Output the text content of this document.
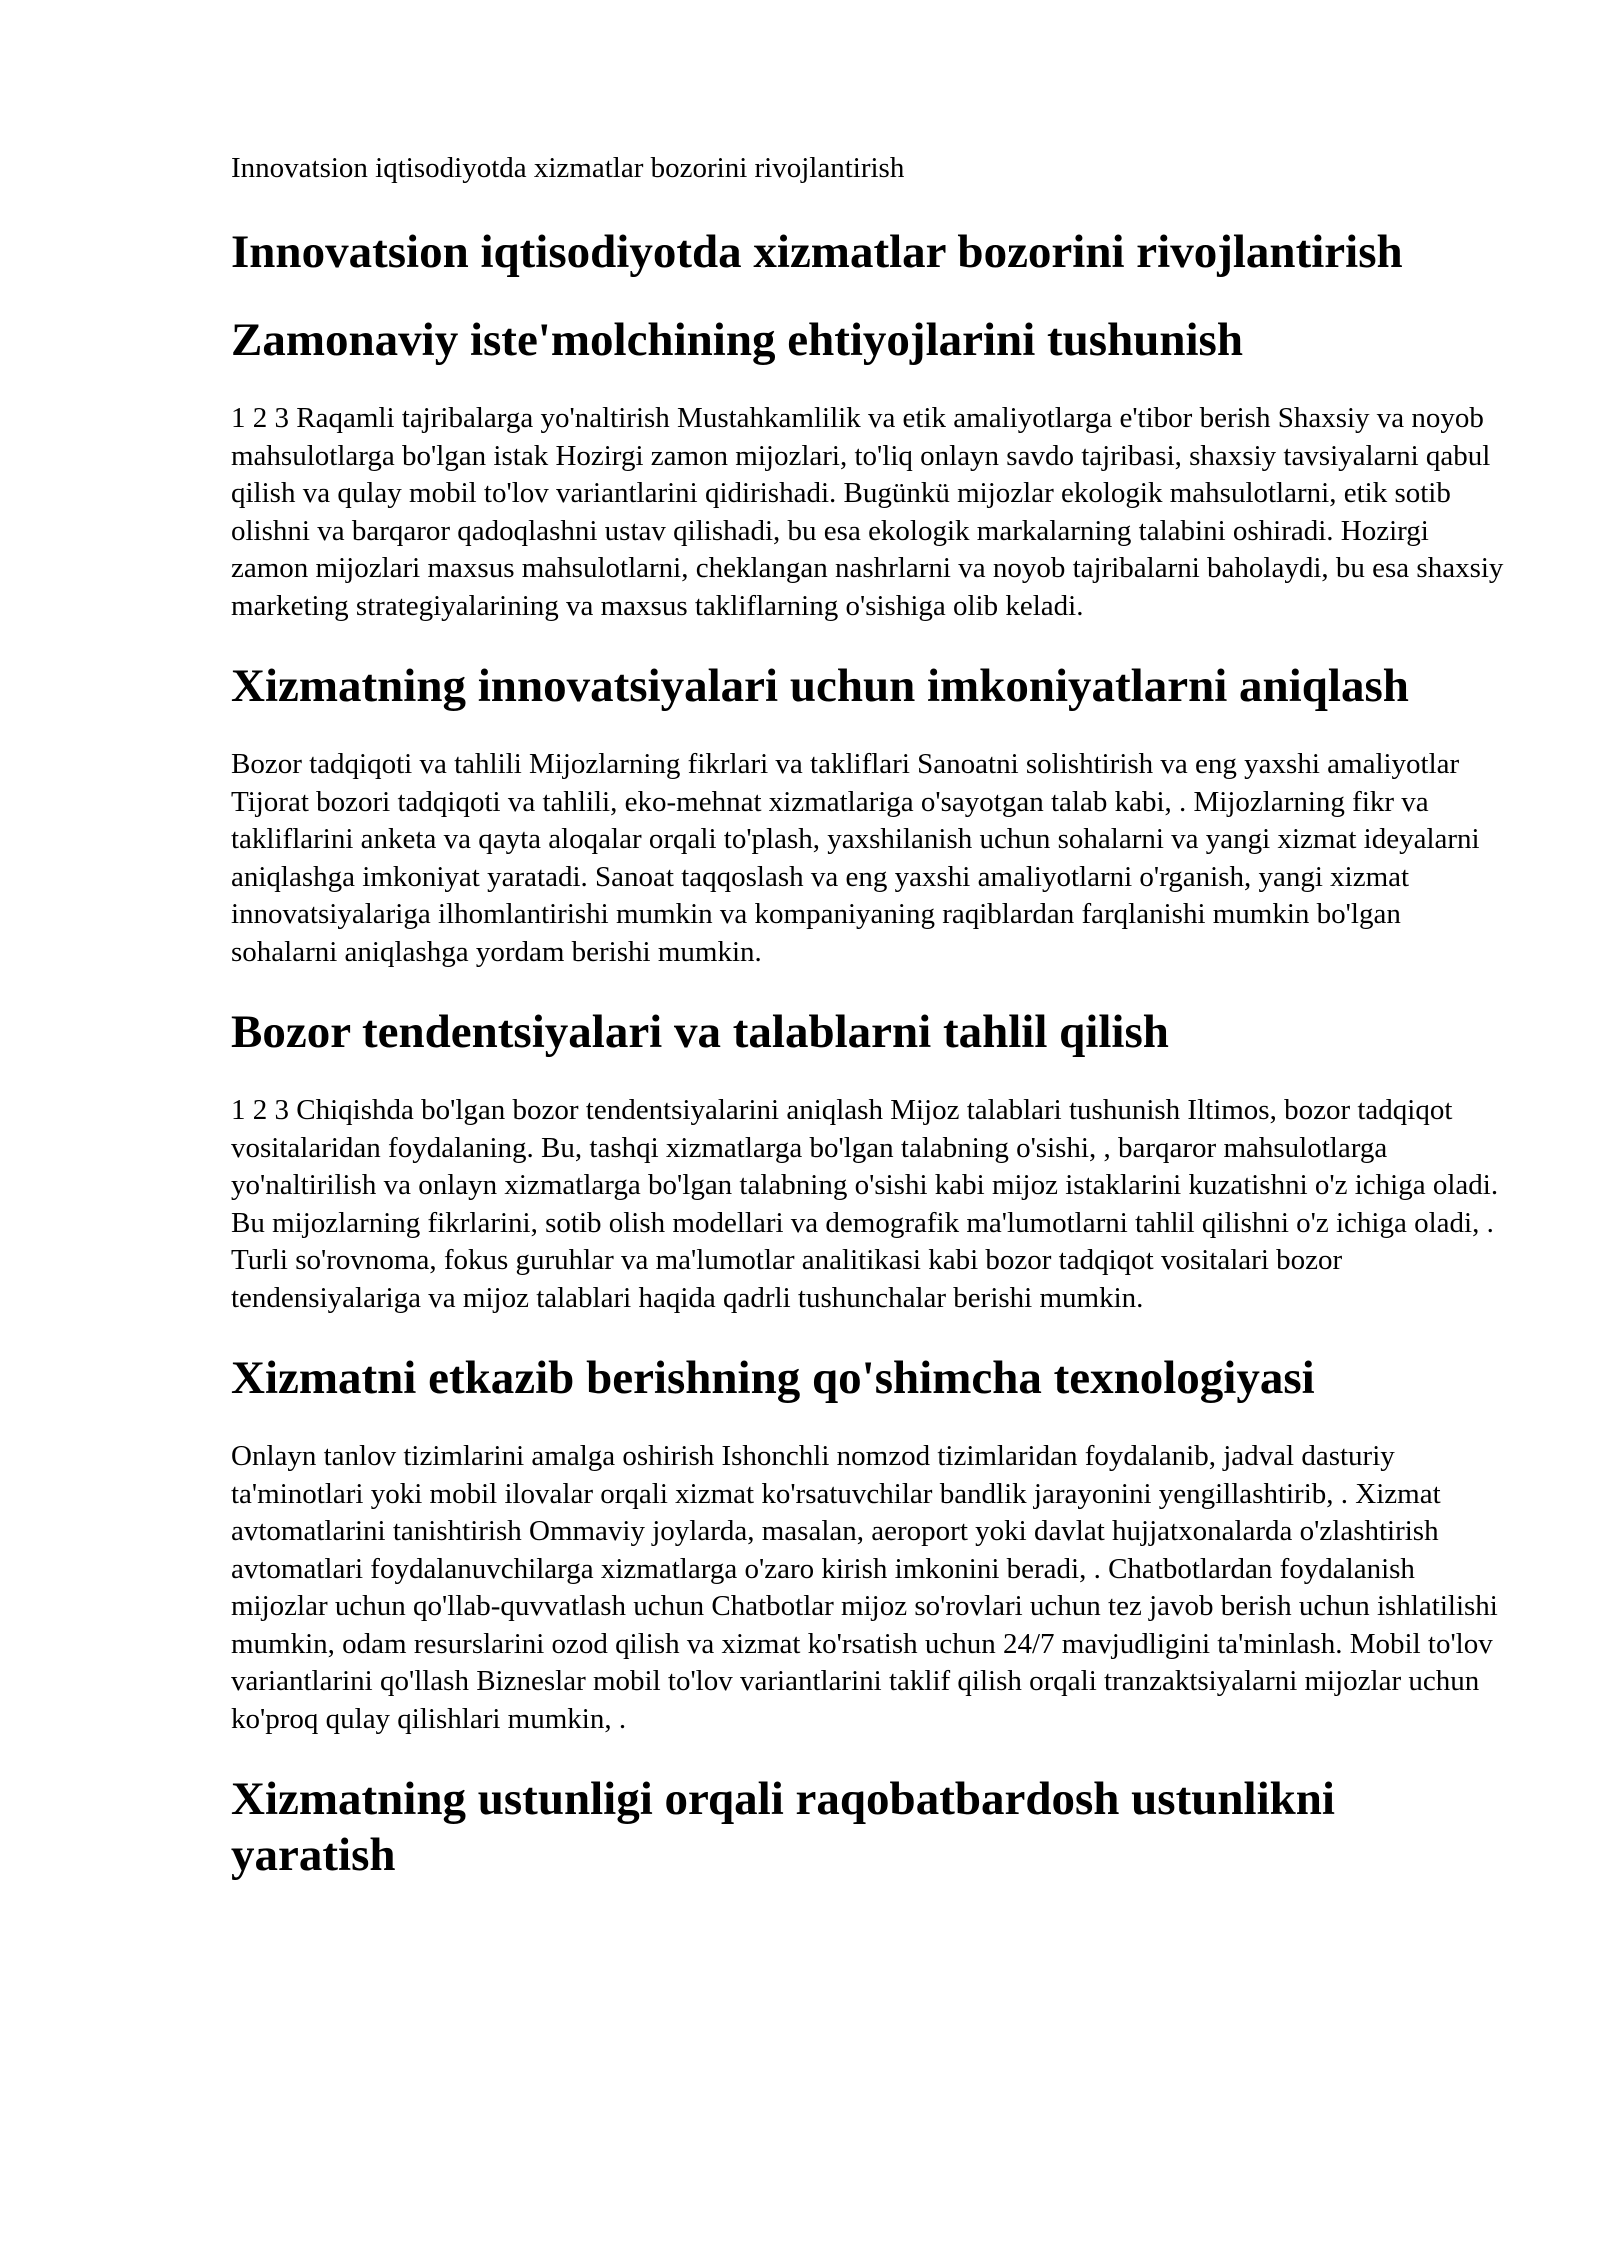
Innovatsion iqtisodiyotda xizmatlar bozorini rivojlantirish
Innovatsion iqtisodiyotda xizmatlar bozorini rivojlantirish
Zamonaviy iste'molchining ehtiyojlarini tushunish

1 2 3 Raqamli tajribalarga yo'naltirish Mustahkamlilik va etik amaliyotlarga e'tibor berish Shaxsiy va noyob mahsulotlarga bo'lgan istak Hozirgi zamon mijozlari, to'liq onlayn savdo tajribasi, shaxsiy tavsiyalarni qabul qilish va qulay mobil to'lov variantlarini qidirishadi. Bugünkü mijozlar ekologik mahsulotlarni, etik sotib olishni va barqaror qadoqlashni ustav qilishadi, bu esa ekologik markalarning talabini oshiradi. Hozirgi zamon mijozlari maxsus mahsulotlarni, cheklangan nashrlarni va noyob tajribalarni baholaydi, bu esa shaxsiy marketing strategiyalarining va maxsus takliflarning o'sishiga olib keladi.

Xizmatning innovatsiyalari uchun imkoniyatlarni aniqlash

Bozor tadqiqoti va tahlili Mijozlarning fikrlari va takliflari Sanoatni solishtirish va eng yaxshi amaliyotlar Tijorat bozori tadqiqoti va tahlili, eko-mehnat xizmatlariga o'sayotgan talab kabi, . Mijozlarning fikr va takliflarini anketa va qayta aloqalar orqali to'plash, yaxshilanish uchun sohalarni va yangi xizmat ideyalarni aniqlashga imkoniyat yaratadi. Sanoat taqqoslash va eng yaxshi amaliyotlarni o'rganish, yangi xizmat innovatsiyalariga ilhomlantirishi mumkin va kompaniyaning raqiblardan farqlanishi mumkin bo'lgan sohalarni aniqlashga yordam berishi mumkin.

Bozor tendentsiyalari va talablarni tahlil qilish

1 2 3 Chiqishda bo'lgan bozor tendentsiyalarini aniqlash Mijoz talablari tushunish Iltimos, bozor tadqiqot vositalaridan foydalaning. Bu, tashqi xizmatlarga bo'lgan talabning o'sishi, , barqaror mahsulotlarga yo'naltirilish va onlayn xizmatlarga bo'lgan talabning o'sishi kabi mijoz istaklarini kuzatishni o'z ichiga oladi. Bu mijozlarning fikrlarini, sotib olish modellari va demografik ma'lumotlarni tahlil qilishni o'z ichiga oladi, . Turli so'rovnoma, fokus guruhlar va ma'lumotlar analitikasi kabi bozor tadqiqot vositalari bozor tendensiyalariga va mijoz talablari haqida qadrli tushunchalar berishi mumkin.

Xizmatni etkazib berishning qo'shimcha texnologiyasi

Onlayn tanlov tizimlarini amalga oshirish Ishonchli nomzod tizimlaridan foydalanib, jadval dasturiy ta'minotlari yoki mobil ilovalar orqali xizmat ko'rsatuvchilar bandlik jarayonini yengillashtirib, . Xizmat avtomatlarini tanishtirish Ommaviy joylarda, masalan, aeroport yoki davlat hujjatxonalarda o'zlashtirish avtomatlari foydalanuvchilarga xizmatlarga o'zaro kirish imkonini beradi, . Chatbotlardan foydalanish mijozlar uchun qo'llab-quvvatlash uchun Chatbotlar mijoz so'rovlari uchun tez javob berish uchun ishlatilishi mumkin, odam resurslarini ozod qilish va xizmat ko'rsatish uchun 24/7 mavjudligini ta'minlash. Mobil to'lov variantlarini qo'llash Bizneslar mobil to'lov variantlarini taklif qilish orqali tranzaktsiyalarni mijozlar uchun ko'proq qulay qilishlari mumkin, .

Xizmatning ustunligi orqali raqobatbardosh ustunlikni yaratish
